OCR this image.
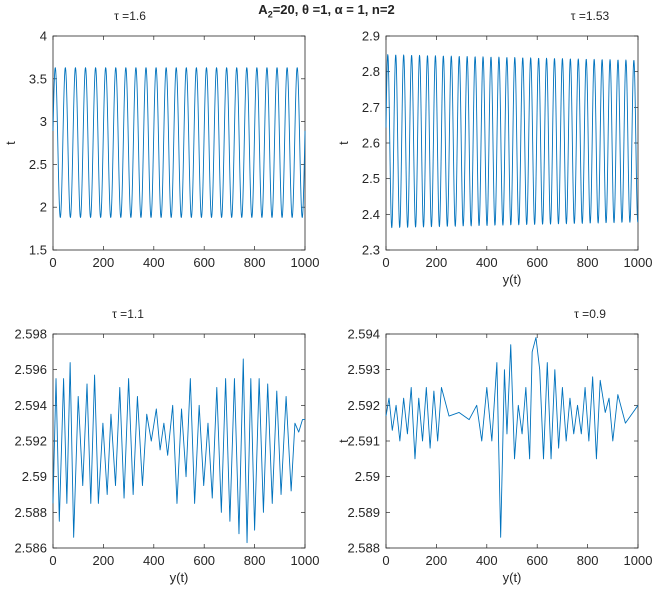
$A_2=20$, θ =1, α = 1, n=2
0	200 400 600 800 1000
1.5
2
2.5
3
3.5
4
τ =1.6
t
0	200 400 600 800 1000
2.3
2.4
2.5
2.6
2.7
2.8
2.9
τ =1.53
y(t)
t
0	200 400 600 800 1000
2.586
2.588
2.59
2.592
2.594
2.596
2.598
τ =1.1
y(t)
0	200 400 600 800 1000
2.588
2.589
2.59
2.591
2.592
2.593
2.594
τ =0.9
y(t)
t
